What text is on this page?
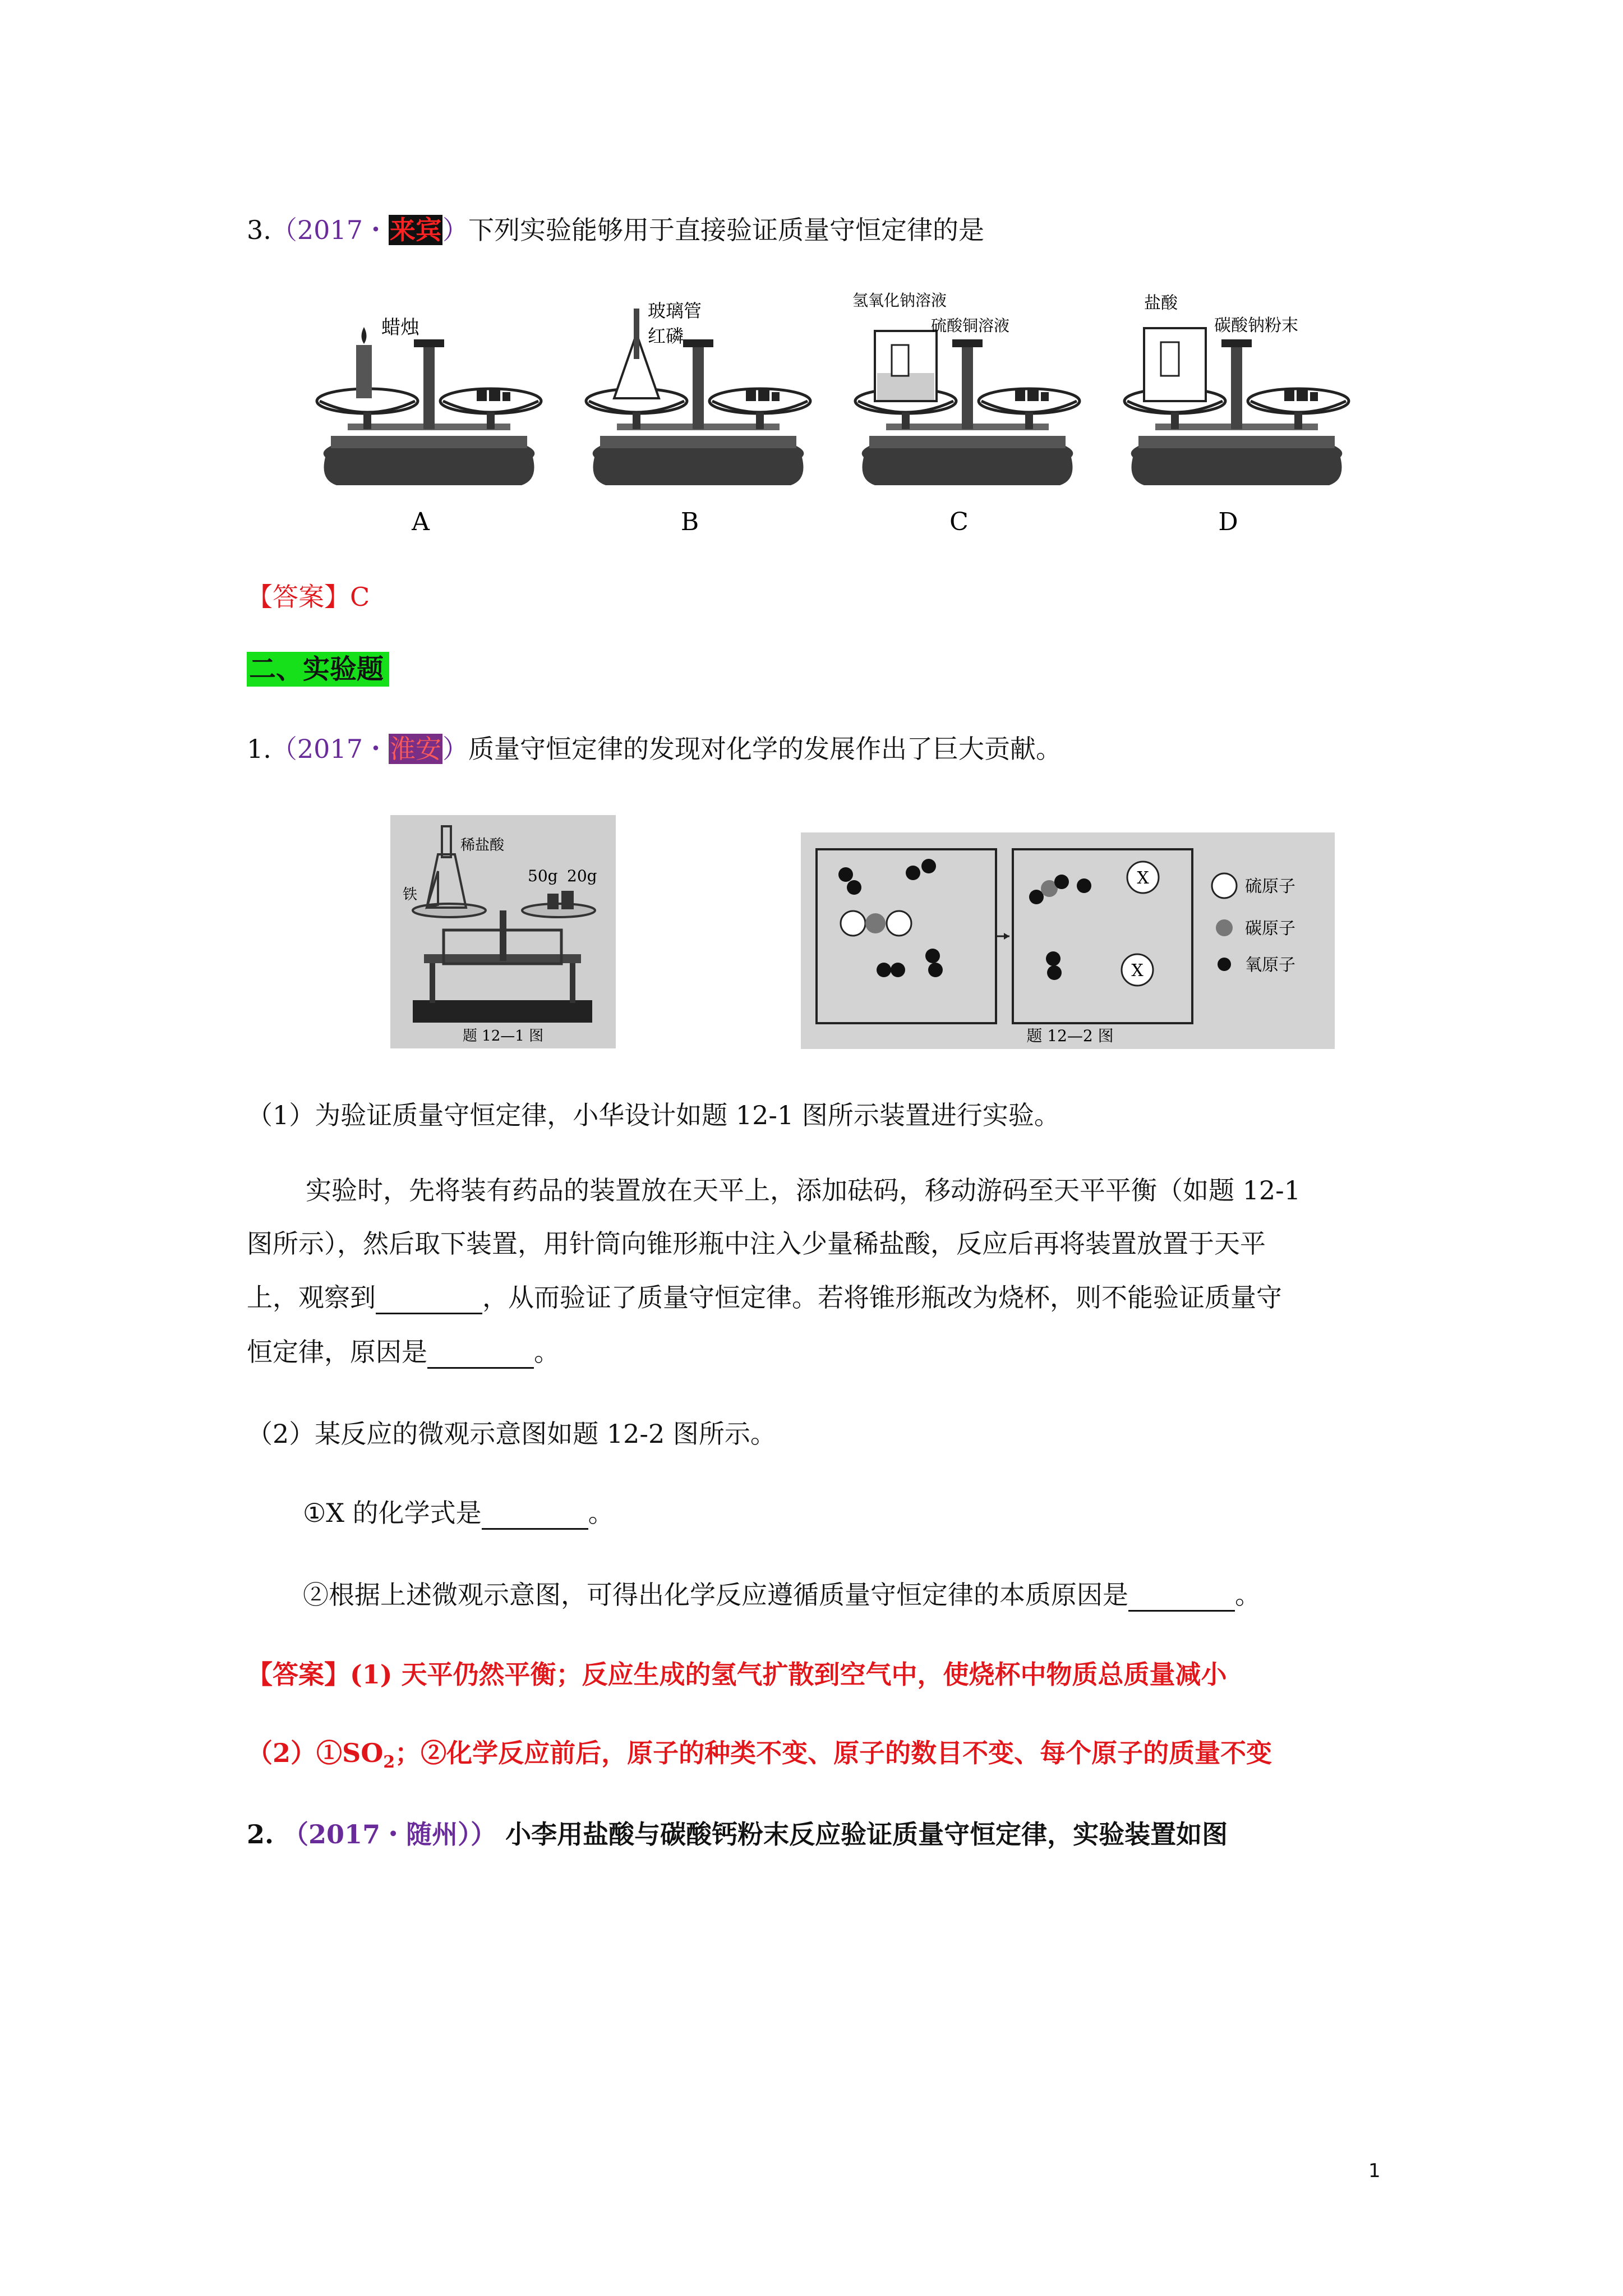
3.（2017・来宾）下列实验能够用于直接验证质量守恒定律的是
蜡烛
A
玻璃管
红磷
B
氢氧化钠溶液
硫酸铜溶液
C
盐酸
碳酸钠粉末
D
【答案】C
二、实验题
1.（2017・淮安）质量守恒定律的发现对化学的发展作出了巨大贡献。
稀盐酸
铁
50g 20g
题 12—1 图
X
X
硫原子
碳原子
氧原子
题 12—2 图
（1）为验证质量守恒定律，小华设计如题 12-1 图所示装置进行实验。
实验时，先将装有药品的装置放在天平上，添加砝码，移动游码至天平平衡（如题 12-1
图所示），然后取下装置，用针筒向锥形瓶中注入少量稀盐酸，反应后再将装置放置于天平
上，观察到	，从而验证了质量守恒定律。若将锥形瓶改为烧杯，则不能验证质量守
恒定律，原因是	。
（2）某反应的微观示意图如题 12-2 图所示。
①X 的化学式是	。
②根据上述微观示意图，可得出化学反应遵循质量守恒定律的本质原因是	。
【答案】(1) 天平仍然平衡；反应生成的氢气扩散到空气中，使烧杯中物质总质量减小
$(2)①SO_2$；②化学反应前后，原子的种类不变、原子的数目不变、每个原子的质量不变
2. （2017・随州）） 小李用盐酸与碳酸钙粉末反应验证质量守恒定律，实验装置如图
1
